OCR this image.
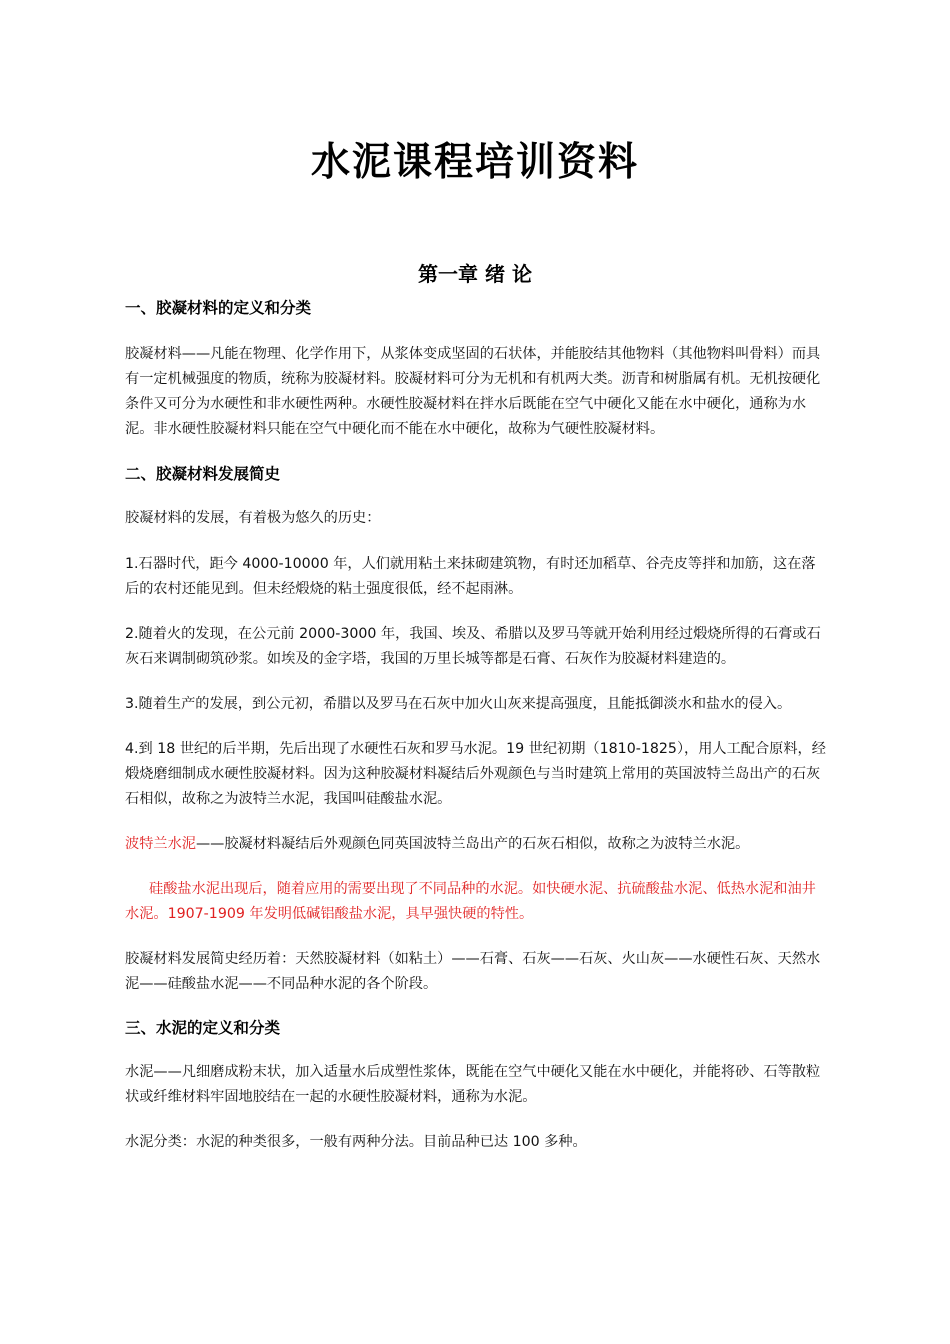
水泥课程培训资料
第一章 绪 论
一、胶凝材料的定义和分类

胶凝材料——凡能在物理、化学作用下，从浆体变成坚固的石状体，并能胶结其他物料（其他物料叫骨料）而具有一定机械强度的物质，统称为胶凝材料。胶凝材料可分为无机和有机两大类。沥青和树脂属有机。无机按硬化条件又可分为水硬性和非水硬性两种。水硬性胶凝材料在拌水后既能在空气中硬化又能在水中硬化，通称为水泥。非水硬性胶凝材料只能在空气中硬化而不能在水中硬化，故称为气硬性胶凝材料。

二、胶凝材料发展简史

胶凝材料的发展，有着极为悠久的历史：

1.石器时代，距今 4000-10000 年，人们就用粘土来抹砌建筑物，有时还加稻草、谷壳皮等拌和加筋，这在落后的农村还能见到。但未经煅烧的粘土强度很低，经不起雨淋。

2.随着火的发现，在公元前 2000-3000 年，我国、埃及、希腊以及罗马等就开始利用经过煅烧所得的石膏或石灰石来调制砌筑砂浆。如埃及的金字塔，我国的万里长城等都是石膏、石灰作为胶凝材料建造的。

3.随着生产的发展，到公元初，希腊以及罗马在石灰中加火山灰来提高强度，且能抵御淡水和盐水的侵入。

4.到 18 世纪的后半期，先后出现了水硬性石灰和罗马水泥。19 世纪初期（1810-1825），用人工配合原料，经煅烧磨细制成水硬性胶凝材料。因为这种胶凝材料凝结后外观颜色与当时建筑上常用的英国波特兰岛出产的石灰石相似，故称之为波特兰水泥，我国叫硅酸盐水泥。

波特兰水泥——胶凝材料凝结后外观颜色同英国波特兰岛出产的石灰石相似，故称之为波特兰水泥。

硅酸盐水泥出现后，随着应用的需要出现了不同品种的水泥。如快硬水泥、抗硫酸盐水泥、低热水泥和油井水泥。1907-1909 年发明低碱铝酸盐水泥，具早强快硬的特性。

胶凝材料发展简史经历着：天然胶凝材料（如粘土）——石膏、石灰——石灰、火山灰——水硬性石灰、天然水泥——硅酸盐水泥——不同品种水泥的各个阶段。

三、水泥的定义和分类

水泥——凡细磨成粉末状，加入适量水后成塑性浆体，既能在空气中硬化又能在水中硬化，并能将砂、石等散粒状或纤维材料牢固地胶结在一起的水硬性胶凝材料，通称为水泥。

水泥分类：水泥的种类很多，一般有两种分法。目前品种已达 100 多种。
